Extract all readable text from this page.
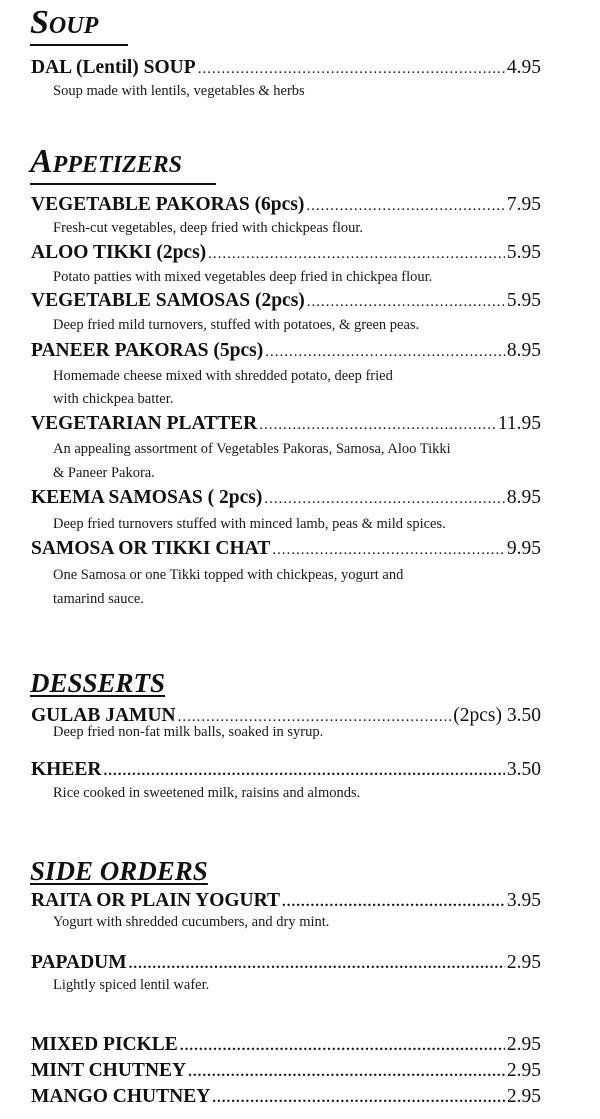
Soup
DAL (Lentil) SOUP .....	4.95
Soup made with lentils, vegetables & herbs
Appetizers
VEGETABLE PAKORAS (6pcs) .....	7.95
Fresh-cut vegetables, deep fried with chickpeas flour.
ALOO TIKKI (2pcs) .....	5.95
Potato patties with mixed vegetables deep fried in chickpea flour.
VEGETABLE SAMOSAS (2pcs) .....	5.95
Deep fried mild turnovers, stuffed with potatoes, & green peas.
PANEER PAKORAS (5pcs) .....	8.95
Homemade cheese mixed with shredded potato, deep fried
with chickpea batter.
VEGETARIAN PLATTER .....	11.95
An appealing assortment of Vegetables Pakoras, Samosa, Aloo Tikki
& Paneer Pakora.
KEEMA SAMOSAS ( 2pcs) .....	8.95
Deep fried turnovers stuffed with minced lamb, peas & mild spices.
SAMOSA OR TIKKI CHAT .....	9.95
One Samosa or one Tikki topped with chickpeas, yogurt and
tamarind sauce.
DESSERTS
GULAB JAMUN .....	(2pcs) 3.50
Deep fried non-fat milk balls, soaked in syrup.
KHEER .....	3.50
Rice cooked in sweetened milk, raisins and almonds.
SIDE ORDERS
RAITA OR PLAIN YOGURT .....	3.95
Yogurt with shredded cucumbers, and dry mint.
PAPADUM .....	2.95
Lightly spiced lentil wafer.
MIXED PICKLE .....	2.95
MINT CHUTNEY .....	2.95
MANGO CHUTNEY .....	2.95
